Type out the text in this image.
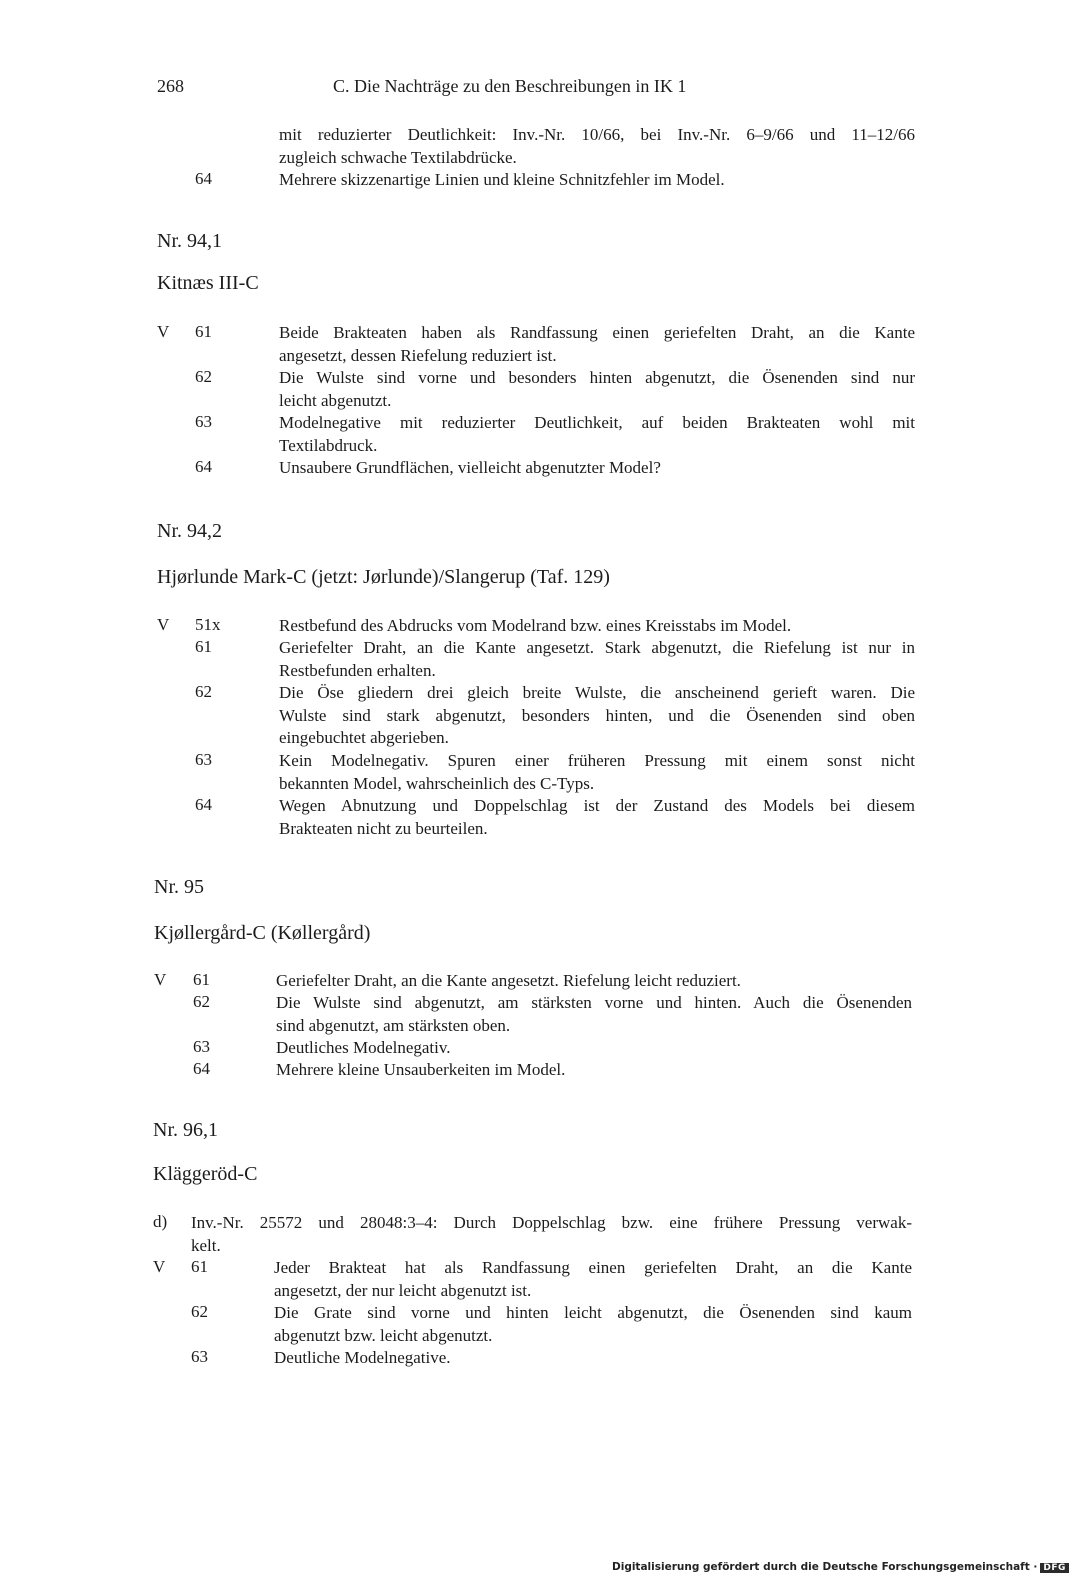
268	C. Die Nachträge zu den Beschreibungen in IK 1
mit reduzierter Deutlichkeit: Inv.-Nr. 10/66, bei Inv.-Nr. 6–9/66 und 11–12/66
zugleich schwache Textilabdrücke.
64	Mehrere skizzenartige Linien und kleine Schnitzfehler im Model.
Nr. 94,1
Kitnæs III-C
V 61	Beide Brakteaten haben als Randfassung einen geriefelten Draht, an die Kante
angesetzt, dessen Riefelung reduziert ist.
62	Die Wulste sind vorne und besonders hinten abgenutzt, die Ösenenden sind nur
leicht abgenutzt.
63	Modelnegative mit reduzierter Deutlichkeit, auf beiden Brakteaten wohl mit
Textilabdruck.
64	Unsaubere Grundflächen, vielleicht abgenutzter Model?
Nr. 94,2
Hjørlunde Mark-C (jetzt: Jørlunde)/Slangerup (Taf. 129)
V 51x	Restbefund des Abdrucks vom Modelrand bzw. eines Kreisstabs im Model.
61	Geriefelter Draht, an die Kante angesetzt. Stark abgenutzt, die Riefelung ist nur in
Restbefunden erhalten.
62	Die Öse gliedern drei gleich breite Wulste, die anscheinend gerieft waren. Die
Wulste sind stark abgenutzt, besonders hinten, und die Ösenenden sind oben
eingebuchtet abgerieben.
63	Kein Modelnegativ. Spuren einer früheren Pressung mit einem sonst nicht
bekannten Model, wahrscheinlich des C-Typs.
64	Wegen Abnutzung und Doppelschlag ist der Zustand des Models bei diesem
Brakteaten nicht zu beurteilen.
Nr. 95
Kjøllergård-C (Køllergård)
V 61	Geriefelter Draht, an die Kante angesetzt. Riefelung leicht reduziert.
62	Die Wulste sind abgenutzt, am stärksten vorne und hinten. Auch die Ösenenden
sind abgenutzt, am stärksten oben.
63	Deutliches Modelnegativ.
64	Mehrere kleine Unsauberkeiten im Model.
Nr. 96,1
Kläggeröd-C
d) Inv.-Nr. 25572 und 28048:3–4: Durch Doppelschlag bzw. eine frühere Pressung verwak-
kelt.
V 61	Jeder Brakteat hat als Randfassung einen geriefelten Draht, an die Kante
angesetzt, der nur leicht abgenutzt ist.
62	Die Grate sind vorne und hinten leicht abgenutzt, die Ösenenden sind kaum
abgenutzt bzw. leicht abgenutzt.
63	Deutliche Modelnegative.
Digitalisierung gefördert durch die Deutsche Forschungsgemeinschaft · DFG
